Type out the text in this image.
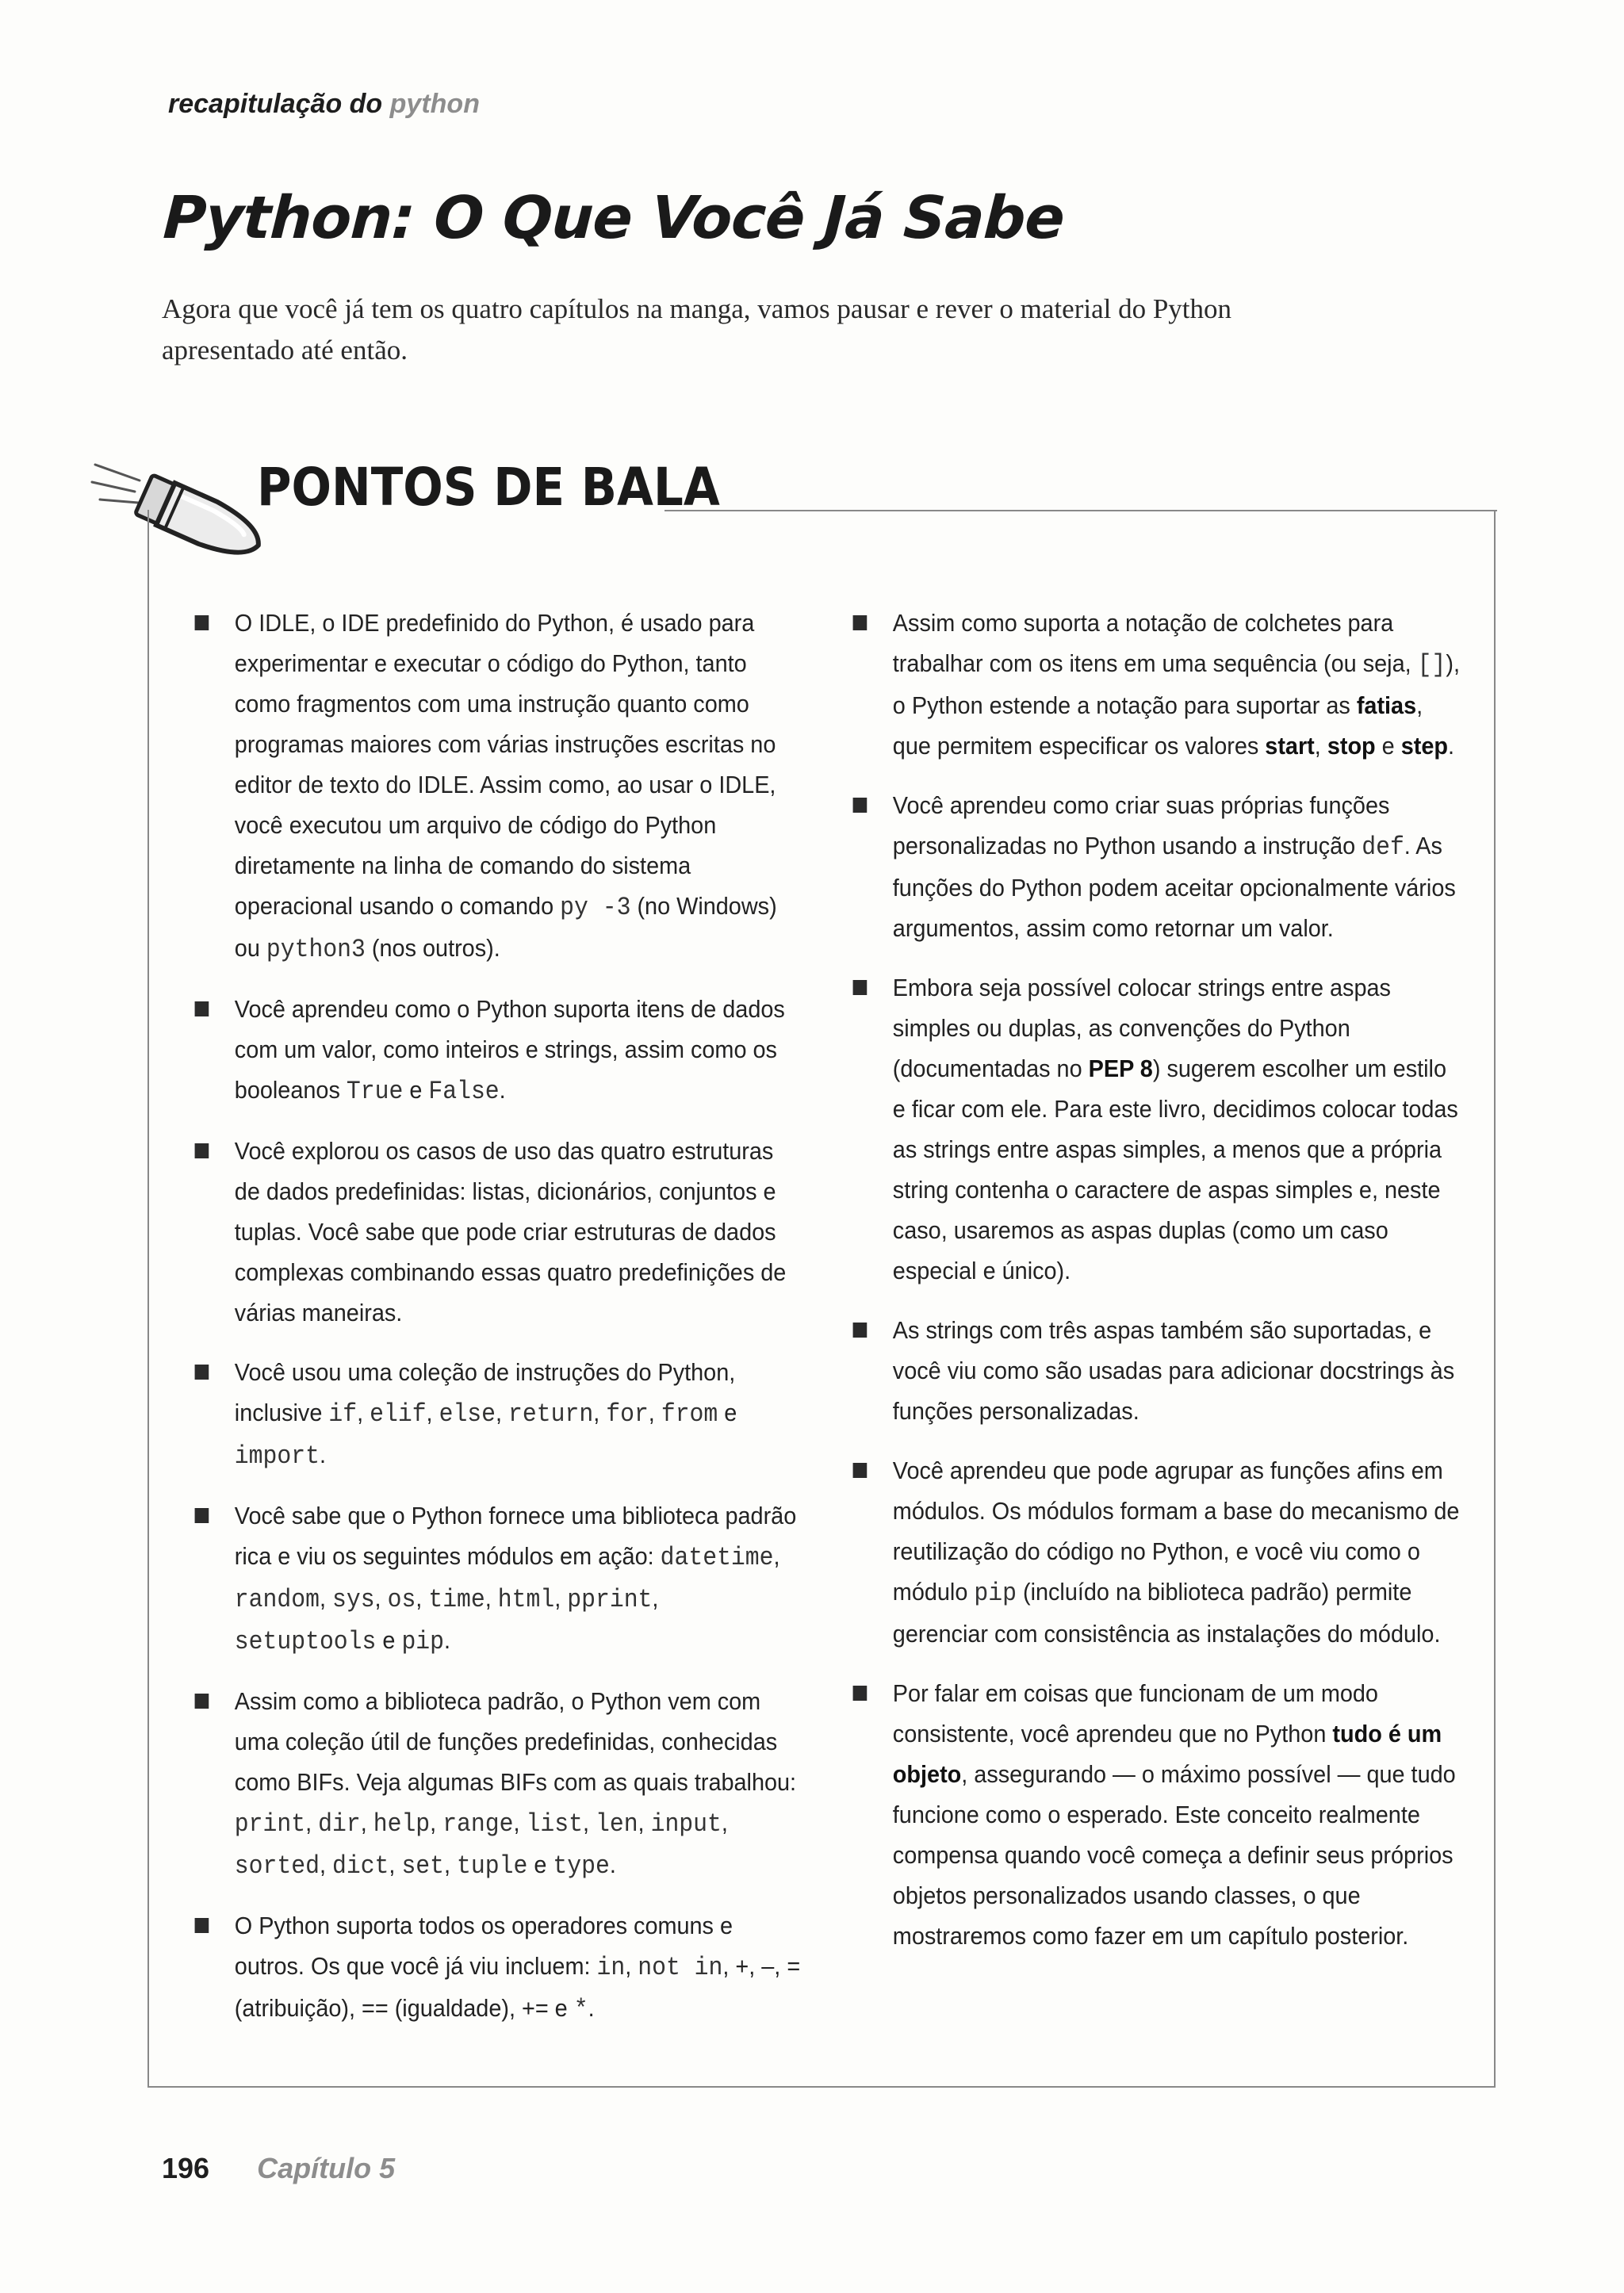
recapitulação do python
Python: O Que Você Já Sabe

Agora que você já tem os quatro capítulos na manga, vamos pausar e rever o material do Python apresentado até então.

PONTOS DE BALA

O IDLE, o IDE predefinido do Python, é usado para experimentar e executar o código do Python, tanto como fragmentos com uma instrução quanto como programas maiores com várias instruções escritas no editor de texto do IDLE. Assim como, ao usar o IDLE, você executou um arquivo de código do Python diretamente na linha de comando do sistema operacional usando o comando py -3 (no Windows) ou python3 (nos outros).

Você aprendeu como o Python suporta itens de dados com um valor, como inteiros e strings, assim como os booleanos True e False.

Você explorou os casos de uso das quatro estruturas de dados predefinidas: listas, dicionários, conjuntos e tuplas. Você sabe que pode criar estruturas de dados complexas combinando essas quatro predefinições de várias maneiras.

Você usou uma coleção de instruções do Python, inclusive if, elif, else, return, for, from e import.

Você sabe que o Python fornece uma biblioteca padrão rica e viu os seguintes módulos em ação: datetime, random, sys, os, time, html, pprint, setuptools e pip.

Assim como a biblioteca padrão, o Python vem com uma coleção útil de funções predefinidas, conhecidas como BIFs. Veja algumas BIFs com as quais trabalhou: print, dir, help, range, list, len, input, sorted, dict, set, tuple e type.

O Python suporta todos os operadores comuns e outros. Os que você já viu incluem: in, not in, +, –, = (atribuição), == (igualdade), += e *.

Assim como suporta a notação de colchetes para trabalhar com os itens em uma sequência (ou seja, []), o Python estende a notação para suportar as fatias, que permitem especificar os valores start, stop e step.

Você aprendeu como criar suas próprias funções personalizadas no Python usando a instrução def. As funções do Python podem aceitar opcionalmente vários argumentos, assim como retornar um valor.

Embora seja possível colocar strings entre aspas simples ou duplas, as convenções do Python (documentadas no PEP 8) sugerem escolher um estilo e ficar com ele. Para este livro, decidimos colocar todas as strings entre aspas simples, a menos que a própria string contenha o caractere de aspas simples e, neste caso, usaremos as aspas duplas (como um caso especial e único).

As strings com três aspas também são suportadas, e você viu como são usadas para adicionar docstrings às funções personalizadas.

Você aprendeu que pode agrupar as funções afins em módulos. Os módulos formam a base do mecanismo de reutilização do código no Python, e você viu como o módulo pip (incluído na biblioteca padrão) permite gerenciar com consistência as instalações do módulo.

Por falar em coisas que funcionam de um modo consistente, você aprendeu que no Python tudo é um objeto, assegurando — o máximo possível — que tudo funcione como o esperado. Este conceito realmente compensa quando você começa a definir seus próprios objetos personalizados usando classes, o que mostraremos como fazer em um capítulo posterior.

196 Capítulo 5
